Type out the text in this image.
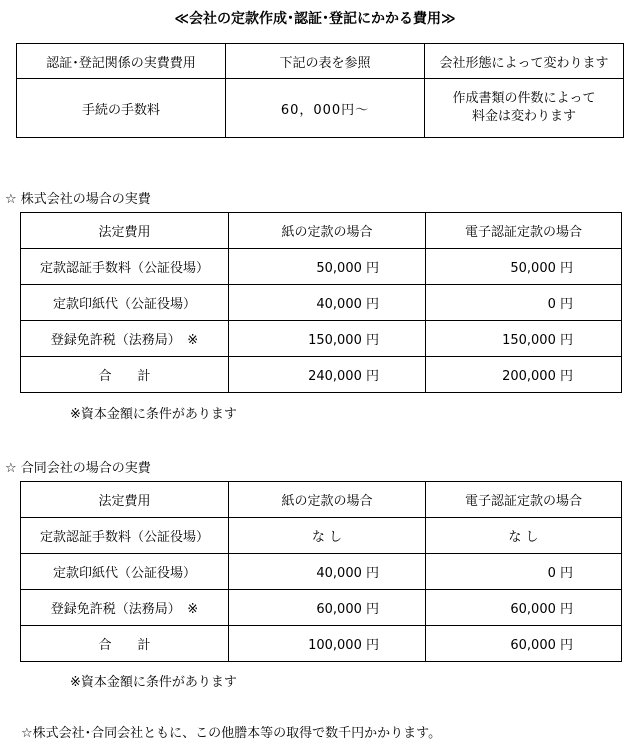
≪会社の定款作成･認証･登記にかかる費用≫
認証･登記関係の実費費用	下記の表を参照	会社形態によって変わります
手続の手数料	60，000円～	作成書類の件数によって
料金は変わります
☆ 株式会社の場合の実費
法定費用	紙の定款の場合	電子認証定款の場合
定款認証手数料（公証役場）	50,000 円	50,000 円
定款印紙代（公証役場）	40,000 円	0 円
登録免許税（法務局）　※	150,000 円	150,000 円
合　　計	240,000 円	200,000 円
※資本金額に条件があります
☆ 合同会社の場合の実費
法定費用	紙の定款の場合	電子認証定款の場合
定款認証手数料（公証役場）	な し	な し
定款印紙代（公証役場）	40,000 円	0 円
登録免許税（法務局）　※	60,000 円	60,000 円
合　　計	100,000 円	60,000 円
※資本金額に条件があります
☆株式会社･合同会社ともに、この他謄本等の取得で数千円かかります。
